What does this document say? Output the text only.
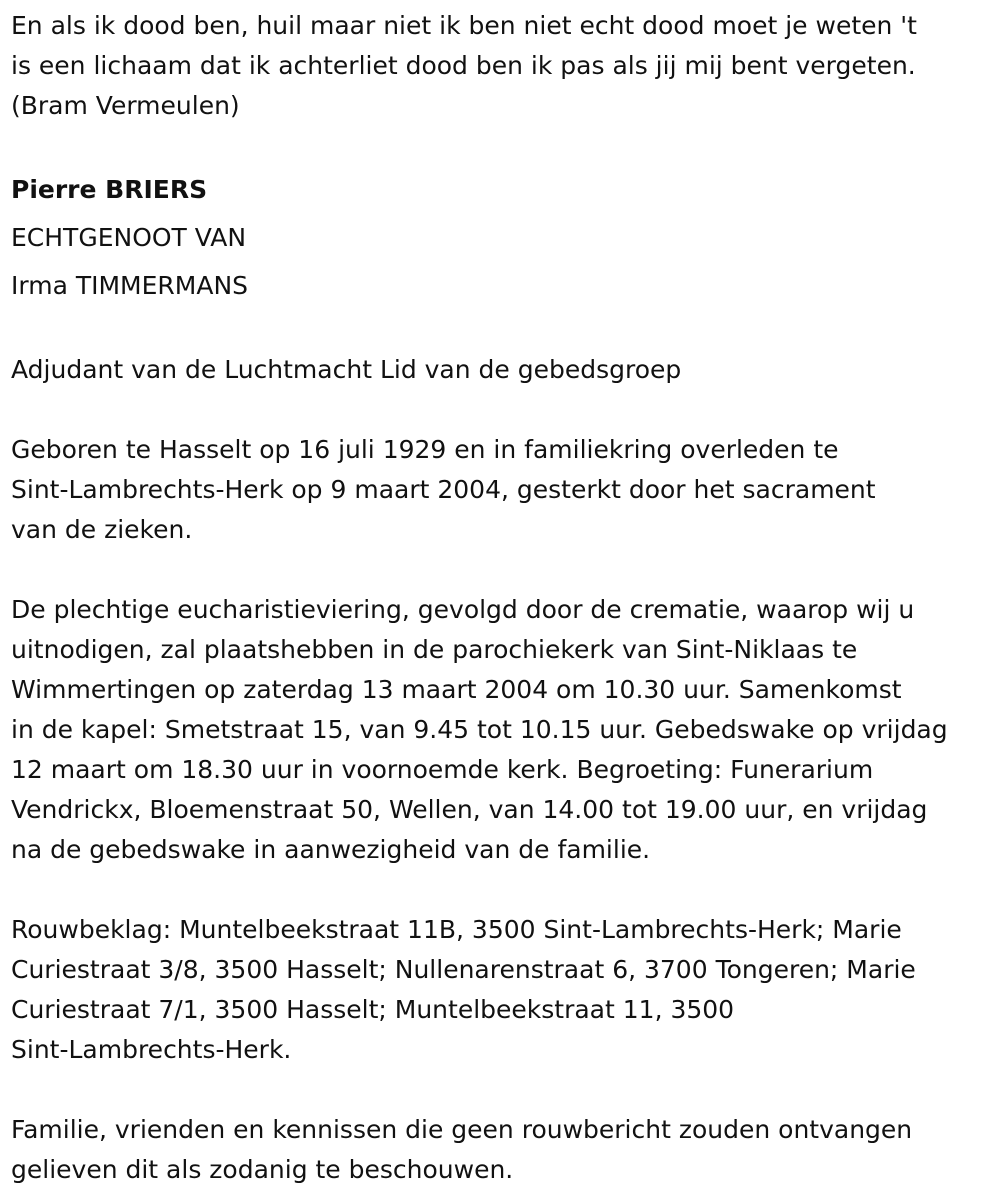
En als ik dood ben, huil maar niet ik ben niet echt dood moet je weten 't

is een lichaam dat ik achterliet dood ben ik pas als jij mij bent vergeten.

(Bram Vermeulen)

Pierre BRIERS

ECHTGENOOT VAN

Irma TIMMERMANS

Adjudant van de Luchtmacht Lid van de gebedsgroep

Geboren te Hasselt op 16 juli 1929 en in familiekring overleden te

Sint-Lambrechts-Herk op 9 maart 2004, gesterkt door het sacrament

van de zieken.

De plechtige eucharistieviering, gevolgd door de crematie, waarop wij u

uitnodigen, zal plaatshebben in de parochiekerk van Sint-Niklaas te

Wimmertingen op zaterdag 13 maart 2004 om 10.30 uur. Samenkomst

in de kapel: Smetstraat 15, van 9.45 tot 10.15 uur. Gebedswake op vrijdag

12 maart om 18.30 uur in voornoemde kerk. Begroeting: Funerarium

Vendrickx, Bloemenstraat 50, Wellen, van 14.00 tot 19.00 uur, en vrijdag

na de gebedswake in aanwezigheid van de familie.

Rouwbeklag: Muntelbeekstraat 11B, 3500 Sint-Lambrechts-Herk; Marie

Curiestraat 3/8, 3500 Hasselt; Nullenarenstraat 6, 3700 Tongeren; Marie

Curiestraat 7/1, 3500 Hasselt; Muntelbeekstraat 11, 3500

Sint-Lambrechts-Herk.

Familie, vrienden en kennissen die geen rouwbericht zouden ontvangen

gelieven dit als zodanig te beschouwen.
